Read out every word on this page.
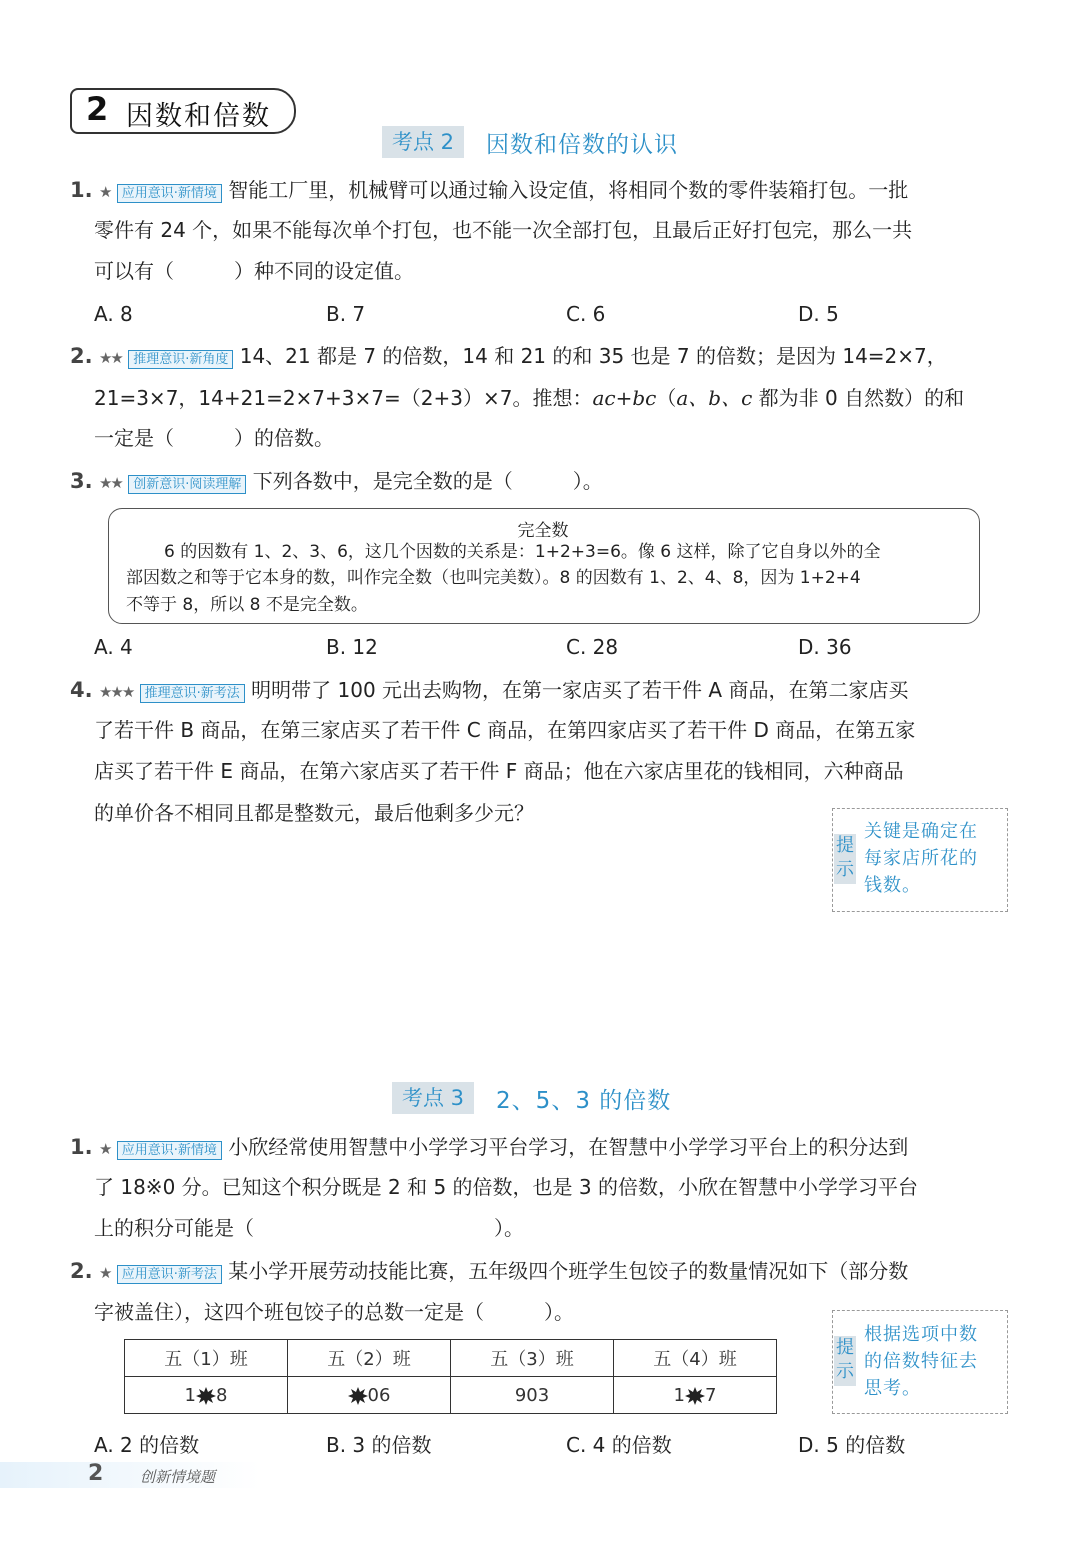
2 因数和倍数
考点 2	因数和倍数的认识
1. ★ 应用意识·新情境 智能工厂里，机械臂可以通过输入设定值，将相同个数的零件装箱打包。一批
零件有 24 个，如果不能每次单个打包，也不能一次全部打包，且最后正好打包完，那么一共
可以有（　　　）种不同的设定值。
A. 8	B. 7	C. 6	D. 5
2. ★★ 推理意识·新角度 14、21 都是 7 的倍数，14 和 21 的和 35 也是 7 的倍数；是因为 14=2×7，
21=3×7，14+21=2×7+3×7=（2+3）×7。推想：ac+bc（a、b、c 都为非 0 自然数）的和
一定是（　　　）的倍数。
3. ★★ 创新意识·阅读理解 下列各数中，是完全数的是（　　　）。
完全数
6 的因数有 1、2、3、6，这几个因数的关系是：1+2+3=6。像 6 这样，除了它自身以外的全
部因数之和等于它本身的数，叫作完全数（也叫完美数）。8 的因数有 1、2、4、8，因为 1+2+4
不等于 8，所以 8 不是完全数。
A. 4	B. 12	C. 28	D. 36
4. ★★★ 推理意识·新考法 明明带了 100 元出去购物，在第一家店买了若干件 A 商品，在第二家店买
了若干件 B 商品，在第三家店买了若干件 C 商品，在第四家店买了若干件 D 商品，在第五家
店买了若干件 E 商品，在第六家店买了若干件 F 商品；他在六家店里花的钱相同，六种商品
的单价各不相同且都是整数元，最后他剩多少元？
提示
关键是确定在
每家店所花的
钱数。
考点 3	2、5、3 的倍数
1. ★ 应用意识·新情境 小欣经常使用智慧中小学学习平台学习，在智慧中小学学习平台上的积分达到
了 18※0 分。已知这个积分既是 2 和 5 的倍数，也是 3 的倍数，小欣在智慧中小学学习平台
上的积分可能是（　　　　　　　　　　　　）。
2. ★ 应用意识·新考法 某小学开展劳动技能比赛，五年级四个班学生包饺子的数量情况如下（部分数
字被盖住），这四个班包饺子的总数一定是（　　　）。
五（1）班	五（2）班	五（3）班	五（4）班
1 8	06	903	1 7
提示
根据选项中数
的倍数特征去
思考。
A. 2 的倍数	B. 3 的倍数	C. 4 的倍数	D. 5 的倍数
2 创新情境题
